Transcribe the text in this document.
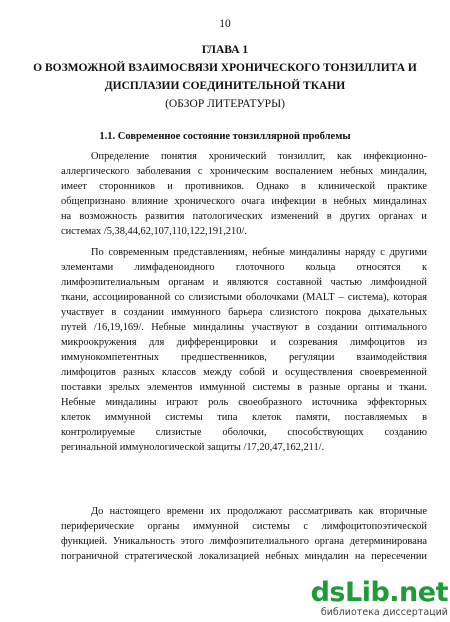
10
ГЛАВА 1
О ВОЗМОЖНОЙ ВЗАИМОСВЯЗИ ХРОНИЧЕСКОГО ТОНЗИЛЛИТА И
ДИСПЛАЗИИ СОЕДИНИТЕЛЬНОЙ ТКАНИ
(ОБЗОР ЛИТЕРАТУРЫ)
1.1. Современное состояние тонзиллярной проблемы
Определение понятия хронический тонзиллит, как инфекционно-
аллергического заболевания с хроническим воспалением небных миндалин,
имеет сторонников и противников. Однако в клинической практике
общепризнано влияние хронического очага инфекции в небных миндалинах
на возможность развития патологических изменений в других органах и
системах /5,38,44,62,107,110,122,191,210/.
По современным представлениям, небные миндалины наряду с другими
элементами лимфаденоидного глоточного кольца относятся к
лимфоэпителиальным органам и являются составной частью лимфоидной
ткани, ассоциированной со слизистыми оболочками (MALT – система), которая
участвует в создании иммунного барьера слизистого покрова дыхательных
путей /16,19,169/. Небные миндалины участвуют в создании оптимального
микроокружения для дифференцировки и созревания лимфоцитов из
иммунокомпетентных предшественников, регуляции взаимодействия
лимфоцитов разных классов между собой и осуществления своевременной
поставки зрелых элементов иммунной системы в разные органы и ткани.
Небные миндалины играют роль своеобразного источника эффекторных
клеток иммунной системы типа клеток памяти, поставляемых в
контролируемые слизистые оболочки, способствующих созданию
регинальной иммунологической защиты /17,20,47,162,211/.
До настоящего времени их продолжают рассматривать как вторичные
периферические органы иммунной системы с лимфоцитопоэтической
функцией. Уникальность этого лимфоэпителиального органа детерминирована
пограничной стратегической локализацией небных миндалин на пересечении
dsLib.net
библиотека диссертаций
